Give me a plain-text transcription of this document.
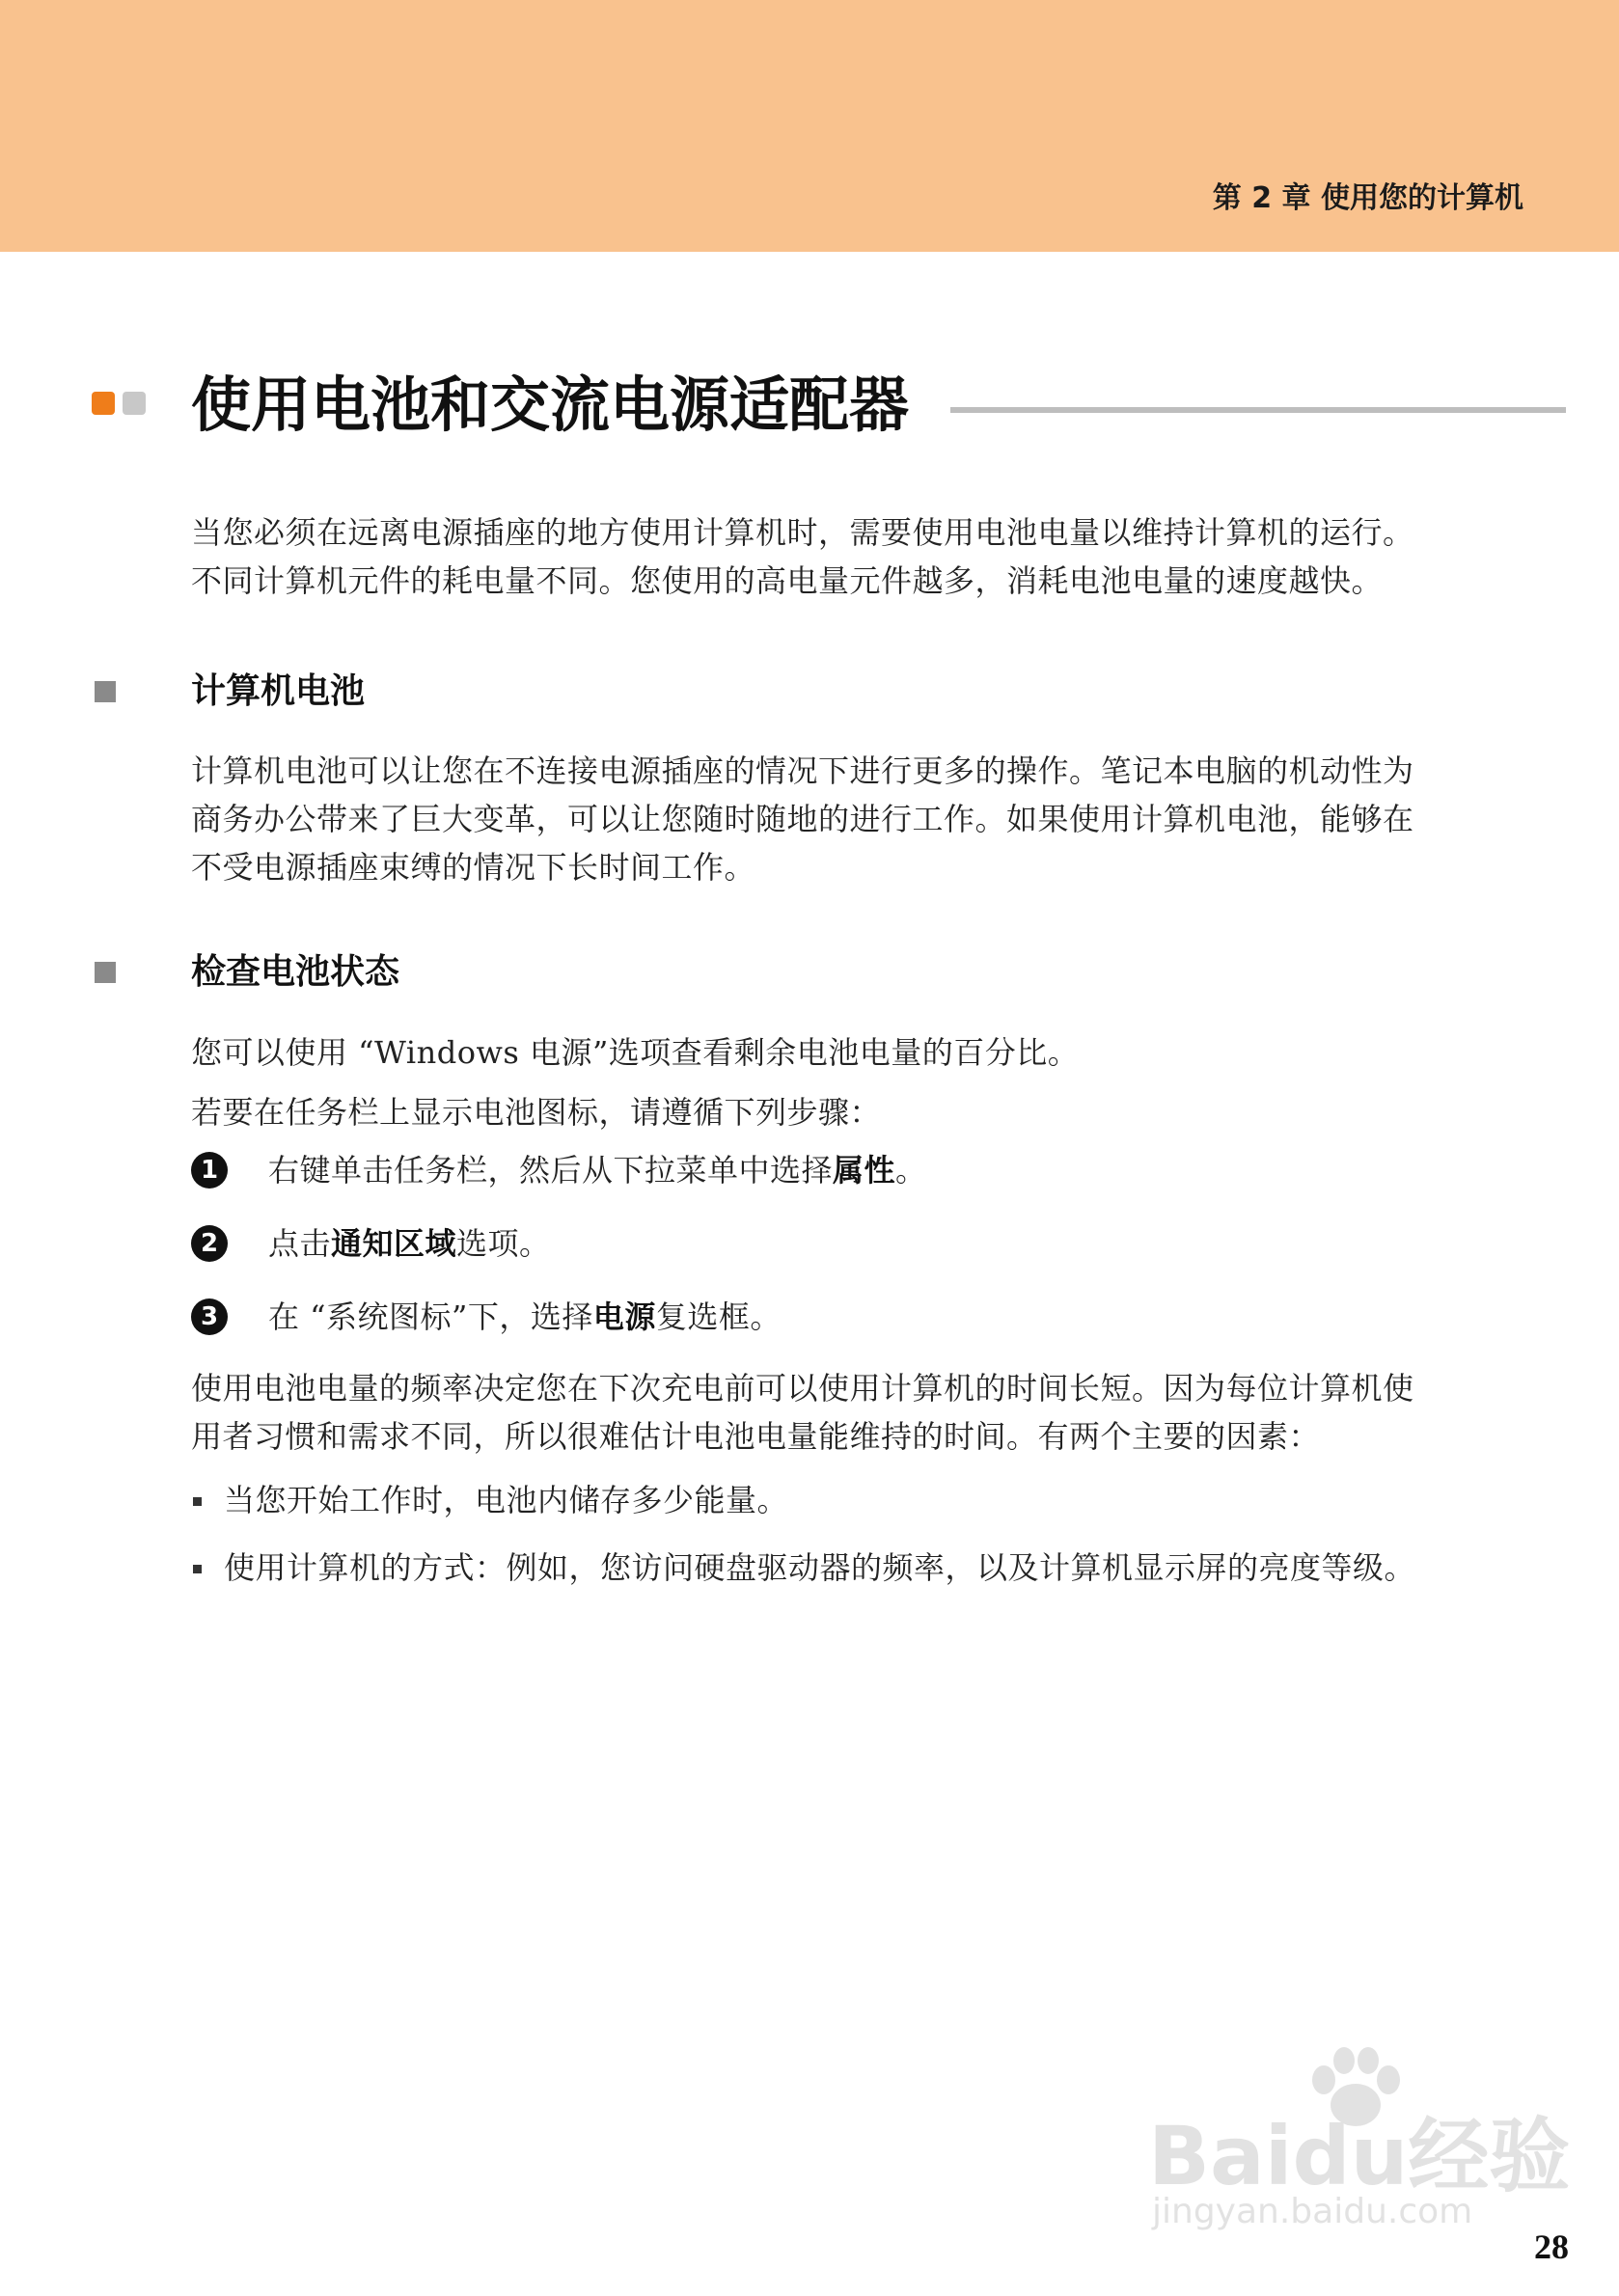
第 2 章 使用您的计算机
使用电池和交流电源适配器

当您必须在远离电源插座的地方使用计算机时，需要使用电池电量以维持计算机的运行。
不同计算机元件的耗电量不同。您使用的高电量元件越多，消耗电池电量的速度越快。

计算机电池

计算机电池可以让您在不连接电源插座的情况下进行更多的操作。笔记本电脑的机动性为
商务办公带来了巨大变革，可以让您随时随地的进行工作。如果使用计算机电池，能够在
不受电源插座束缚的情况下长时间工作。

检查电池状态

您可以使用 “Windows 电源”选项查看剩余电池电量的百分比。

若要在任务栏上显示电池图标，请遵循下列步骤：

1	右键单击任务栏，然后从下拉菜单中选择属性。

2	点击通知区域选项。

3	在 “系统图标”下，选择电源复选框。

使用电池电量的频率决定您在下次充电前可以使用计算机的时间长短。因为每位计算机使
用者习惯和需求不同，所以很难估计电池电量能维持的时间。有两个主要的因素：

当您开始工作时，电池内储存多少能量。

使用计算机的方式：例如，您访问硬盘驱动器的频率，以及计算机显示屏的亮度等级。

Baidu经验
jingyan.baidu.com
28
